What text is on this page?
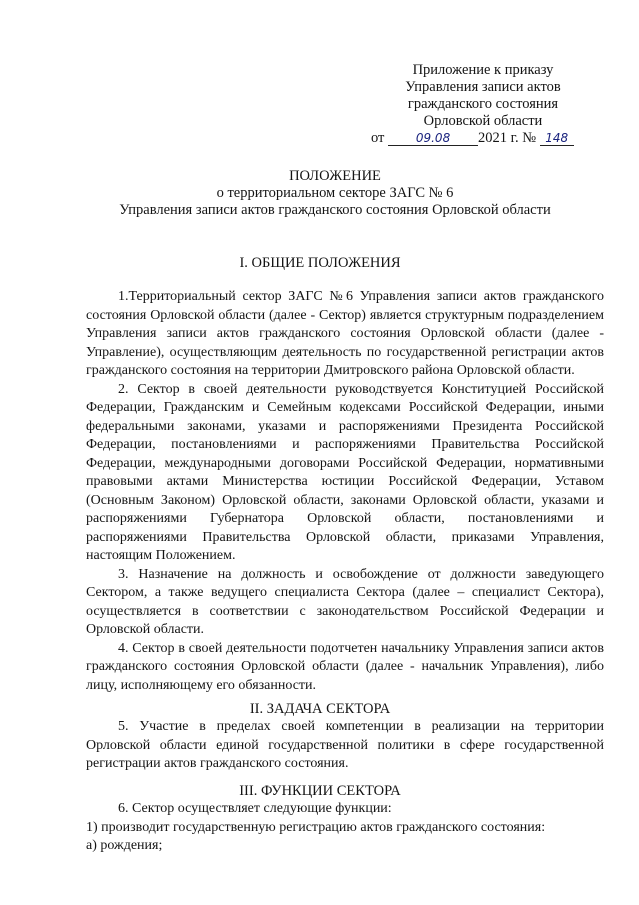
Приложение к приказу
Управления записи актов
гражданского состояния
Орловской области
от	09.08 2021 г. № 148
ПОЛОЖЕНИЕ
о территориальном секторе ЗАГС № 6
Управления записи актов гражданского состояния Орловской области
I. ОБЩИЕ ПОЛОЖЕНИЯ

1.Территориальный сектор ЗАГС №6 Управления записи актов гражданского состояния Орловской области (далее - Сектор) является структурным подразделением Управления записи актов гражданского состояния Орловской области (далее - Управление), осуществляющим деятельность по государственной регистрации актов гражданского состояния на территории Дмитровского района Орловской области.

2. Сектор в своей деятельности руководствуется Конституцией Российской Федерации, Гражданским и Семейным кодексами Российской Федерации, иными федеральными законами, указами и распоряжениями Президента Российской Федерации, постановлениями и распоряжениями Правительства Российской Федерации, международными договорами Российской Федерации, нормативными правовыми актами Министерства юстиции Российской Федерации, Уставом (Основным Законом) Орловской области, законами Орловской области, указами и распоряжениями Губернатора Орловской области, постановлениями и распоряжениями Правительства Орловской области, приказами Управления, настоящим Положением.

3. Назначение на должность и освобождение от должности заведующего Сектором, а также ведущего специалиста Сектора (далее – специалист Сектора), осуществляется в соответствии с законодательством Российской Федерации и Орловской области.

4. Сектор в своей деятельности подотчетен начальнику Управления записи актов гражданского состояния Орловской области (далее - начальник Управления), либо лицу, исполняющему его обязанности.

II. ЗАДАЧА СЕКТОРА

5. Участие в пределах своей компетенции в реализации на территории Орловской области единой государственной политики в сфере государственной регистрации актов гражданского состояния.

III. ФУНКЦИИ СЕКТОРА

6. Сектор осуществляет следующие функции:

1) производит государственную регистрацию актов гражданского состояния:

а) рождения;
